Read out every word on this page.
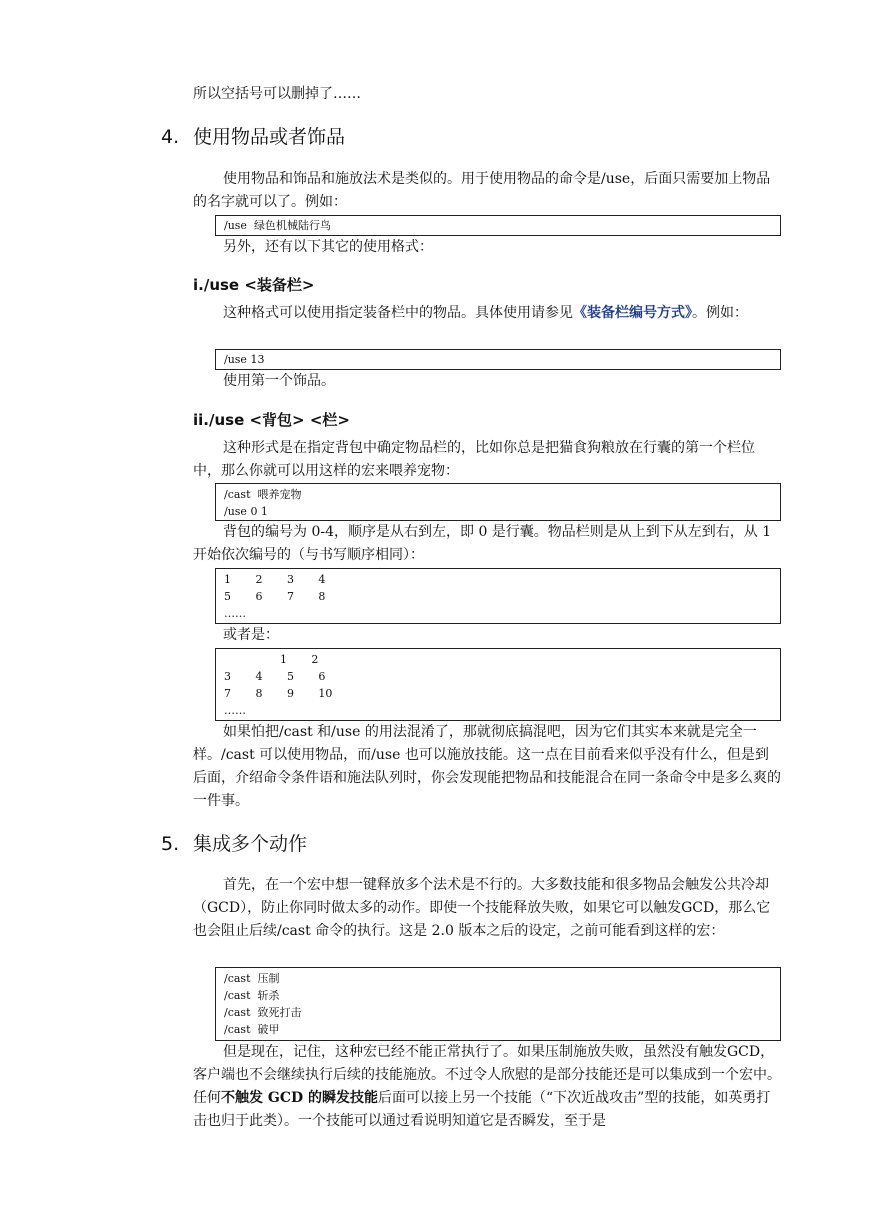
所以空括号可以删掉了……

4. 使用物品或者饰品

使用物品和饰品和施放法术是类似的。用于使用物品的命令是/use，后面只需要加上物品的名字就可以了。例如：

/use  绿色机械陆行鸟

另外，还有以下其它的使用格式：

i./use <装备栏>

这种格式可以使用指定装备栏中的物品。具体使用请参见《装备栏编号方式》。例如：

/use 13

使用第一个饰品。

ii./use <背包> <栏>

这种形式是在指定背包中确定物品栏的，比如你总是把猫食狗粮放在行囊的第一个栏位中，那么你就可以用这样的宏来喂养宠物：

/cast  喂养宠物
/use 0 1

背包的编号为 0-4，顺序是从右到左，即 0 是行囊。物品栏则是从上到下从左到右，从 1 开始依次编号的（与书写顺序相同）：

1       2       3       4
5       6       7       8
……

或者是：

1       2
3       4       5       6
7       8       9       10
……

如果怕把/cast 和/use 的用法混淆了，那就彻底搞混吧，因为它们其实本来就是完全一样。/cast 可以使用物品，而/use 也可以施放技能。这一点在目前看来似乎没有什么，但是到后面，介绍命令条件语和施法队列时，你会发现能把物品和技能混合在同一条命令中是多么爽的一件事。

5. 集成多个动作

首先，在一个宏中想一键释放多个法术是不行的。大多数技能和很多物品会触发公共冷却（GCD），防止你同时做太多的动作。即使一个技能释放失败，如果它可以触发GCD，那么它也会阻止后续/cast 命令的执行。这是 2.0 版本之后的设定，之前可能看到这样的宏：

/cast  压制
/cast  斩杀
/cast  致死打击
/cast  破甲

但是现在，记住，这种宏已经不能正常执行了。如果压制施放失败，虽然没有触发GCD，客户端也不会继续执行后续的技能施放。不过令人欣慰的是部分技能还是可以集成到一个宏中。任何不触发 GCD 的瞬发技能后面可以接上另一个技能（“下次近战攻击”型的技能，如英勇打击也归于此类）。一个技能可以通过看说明知道它是否瞬发，至于是
